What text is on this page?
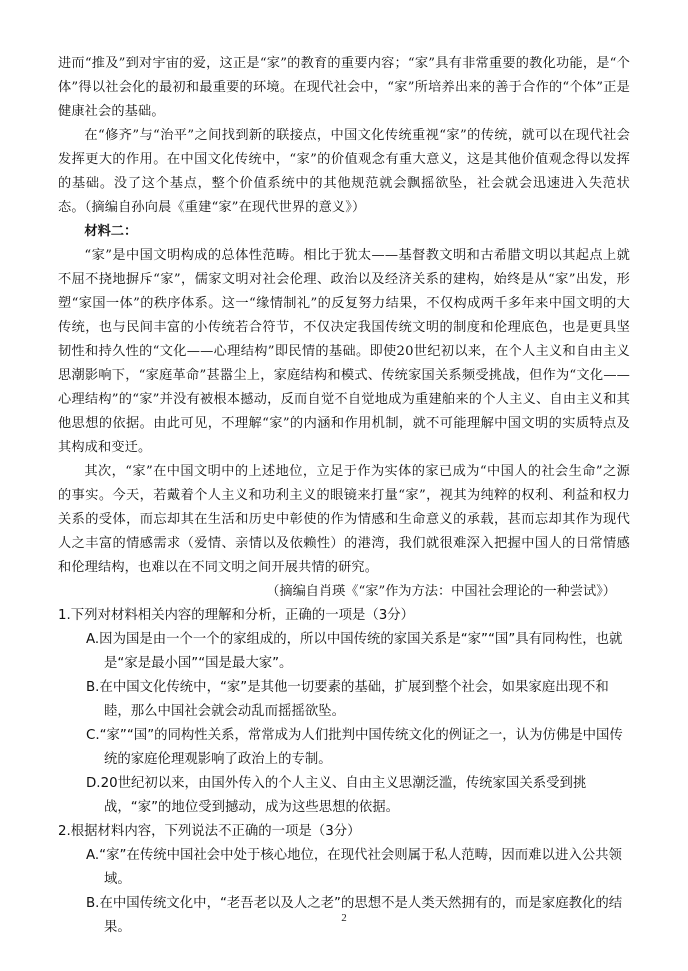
进而“推及”到对宇宙的爱，这正是“家”的教育的重要内容；“家”具有非常重要的教化功能，是“个体”得以社会化的最初和最重要的环境。在现代社会中，“家”所培养出来的善于合作的“个体”正是健康社会的基础。

在“修齐”与“治平”之间找到新的联接点，中国文化传统重视“家”的传统，就可以在现代社会发挥更大的作用。在中国文化传统中，“家”的价值观念有重大意义，这是其他价值观念得以发挥的基础。没了这个基点，整个价值系统中的其他规范就会飘摇欲坠，社会就会迅速进入失范状态。（摘编自孙向晨《重建“家”在现代世界的意义》）

材料二：

“家”是中国文明构成的总体性范畴。相比于犹太——基督教文明和古希腊文明以其起点上就不屈不挠地摒斥“家”，儒家文明对社会伦理、政治以及经济关系的建构，始终是从“家”出发，形塑“家国一体”的秩序体系。这一“缘情制礼”的反复努力结果，不仅构成两千多年来中国文明的大传统，也与民间丰富的小传统若合符节，不仅决定我国传统文明的制度和伦理底色，也是更具坚韧性和持久性的“文化——心理结构”即民情的基础。即使20世纪初以来，在个人主义和自由主义思潮影响下，“家庭革命”甚嚣尘上，家庭结构和模式、传统家国关系频受挑战，但作为“文化——心理结构”的“家”并没有被根本撼动，反而自觉不自觉地成为重建舶来的个人主义、自由主义和其他思想的依据。由此可见，不理解“家”的内涵和作用机制，就不可能理解中国文明的实质特点及其构成和变迁。

其次，“家”在中国文明中的上述地位，立足于作为实体的家已成为“中国人的社会生命”之源的事实。今天，若戴着个人主义和功利主义的眼镜来打量“家”，视其为纯粹的权利、利益和权力关系的受体，而忘却其在生活和历史中彰使的作为情感和生命意义的承载，甚而忘却其作为现代人之丰富的情感需求（爱情、亲情以及依赖性）的港湾，我们就很难深入把握中国人的日常情感和伦理结构，也难以在不同文明之间开展共情的研究。

（摘编自肖瑛《“家”作为方法：中国社会理论的一种尝试》）

1.下列对材料相关内容的理解和分析，正确的一项是（3分）

A.因为国是由一个一个的家组成的，所以中国传统的家国关系是“家”“国”具有同构性，也就是“家是最小国”“国是最大家”。

B.在中国文化传统中，“家”是其他一切要素的基础，扩展到整个社会，如果家庭出现不和睦，那么中国社会就会动乱而摇摇欲坠。

C.“家”“国”的同构性关系，常常成为人们批判中国传统文化的例证之一，认为仿佛是中国传统的家庭伦理观影响了政治上的专制。

D.20世纪初以来，由国外传入的个人主义、自由主义思潮泛滥，传统家国关系受到挑战，“家”的地位受到撼动，成为这些思想的依据。

2.根据材料内容，下列说法不正确的一项是（3分）

A.“家”在传统中国社会中处于核心地位，在现代社会则属于私人范畴，因而难以进入公共领域。

B.在中国传统文化中，“老吾老以及人之老”的思想不是人类天然拥有的，而是家庭教化的结果。

2
